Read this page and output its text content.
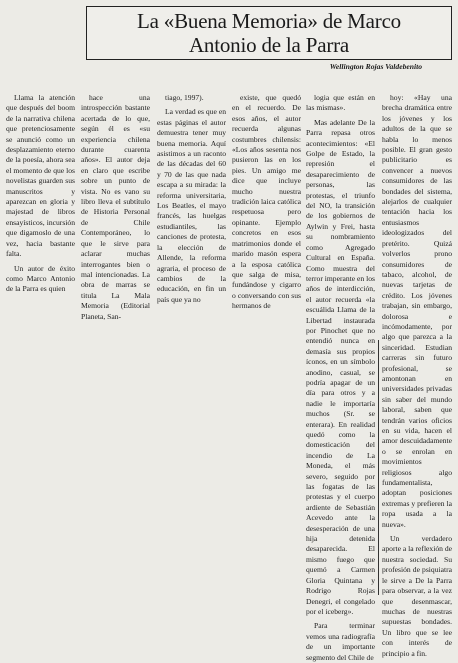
La «Buena Memoria» de Marco
Antonio de la Parra
Wellington Rojas Valdebenito

Llama la atención que después del boom de la narrativa chilena que pretenciosamente se anunció como un desplazamiento eterno de la poesía, ahora sea el momento de que los novelistas guarden sus manuscritos y aparezcan en gloria y majestad de libros ensayísticos, incursión que digamoslo de una vez, hacia bastante falta.

Un autor de éxito como Marco Antonio de la Parra es quien

hace una introspección bastante acertada de lo que, según él es «su experiencia chilena durante cuarenta años». El autor deja en claro que escribe sobre un punto de vista. No es vano su libro lleva el subtítulo de Historia Personal de Chile Contemporáneo, lo que le sirve para aclarar muchas interrogantes bien o mal intencionadas. La obra de marras se titula La Mala Memoria (Editorial Planeta, San-

tiago, 1997).

La verdad es que en estas páginas el autor demuestra tener muy buena memoria. Aquí asistimos a un raconto de las décadas del 60 y 70 de las que nada escapa a su mirada: la reforma universitaria, Los Beatles, el mayo francés, las huelgas estudiantiles, las canciones de protesta, la elección de Allende, la reforma agraria, el proceso de cambios de la educación, en fin un país que ya no

existe, que quedó en el recuerdo. De esos años, el autor recuerda algunas costumbres chilensis: «Los años sesenta nos pusieron las en los pies. Un amigo me dice que incluye mucho nuestra tradición laica católica respetuosa pero opinante. Ejemplo concretos en esos matrimonios donde el marido masón espera a la esposa católica que salga de misa, fundándose y cigarro o conversando con sus hermanos de

logia que están en las mismas».

Mas adelante De la Parra repasa otros acontecimientos: «El Golpe de Estado, la represión el desaparecimiento de personas, las protestas, el triunfo del NO, la transición de los gobiernos de Aylwin y Frei, hasta su nombramiento como Agregado Cultural en España. Como muestra del terror imperante en los años de interdicción, el autor recuerda «la escuálida Llama de la Libertad instaurada por Pinochet que no entendió nunca en demasía sus propios íconos, en un símbolo anodino, casual, se podría apagar de un día para otros y a nadie le importaría muchos (Sr. se enterara). En realidad quedó como la domesticación del incendio de La Moneda, el más severo, seguido por las fogatas de las protestas y el cuerpo ardiente de Sebastián Acevedo ante la desesperación de una hija detenida desaparecida. El mismo fuego que quemó a Carmen Gloria Quintana y Rodrigo Rojas Denegri, el congelado por el iceberg».

Para terminar vemos una radiografía de un importante segmento del Chile de

hoy: «Hay una brecha dramática entre los jóvenes y los adultos de la que se habla lo menos posible. El gran gesto publicitario es convencer a nuevos consumidores de las bondades del sistema, alejarlos de cualquier tentación hacia los entusiasmos ideologizados del pretérito. Quizá volverlos prono consumidores de tabaco, alcohol, de nuevas tarjetas de crédito. Los jóvenes trabajan, sin embargo, dolorosa e incómodamente, por algo que parezca a la sinceridad. Estudian carreras sin futuro profesional, se amontonan en universidades privadas sin saber del mundo laboral, saben que tendrán varios oficios en su vida, hacen el amor descuidadamente o se enrolan en movimientos religiosos algo fundamentalista, adoptan posiciones extremas y prefieren la ropa usada a la nueva».

Un verdadero aporte a la reflexión de nuestra sociedad. Su profesión de psiquiatra le sirve a De la Parra para observar, a la vez que desenmascar, muchas de nuestras supuestas bondades. Un libro que se lee con interés de principio a fin.
